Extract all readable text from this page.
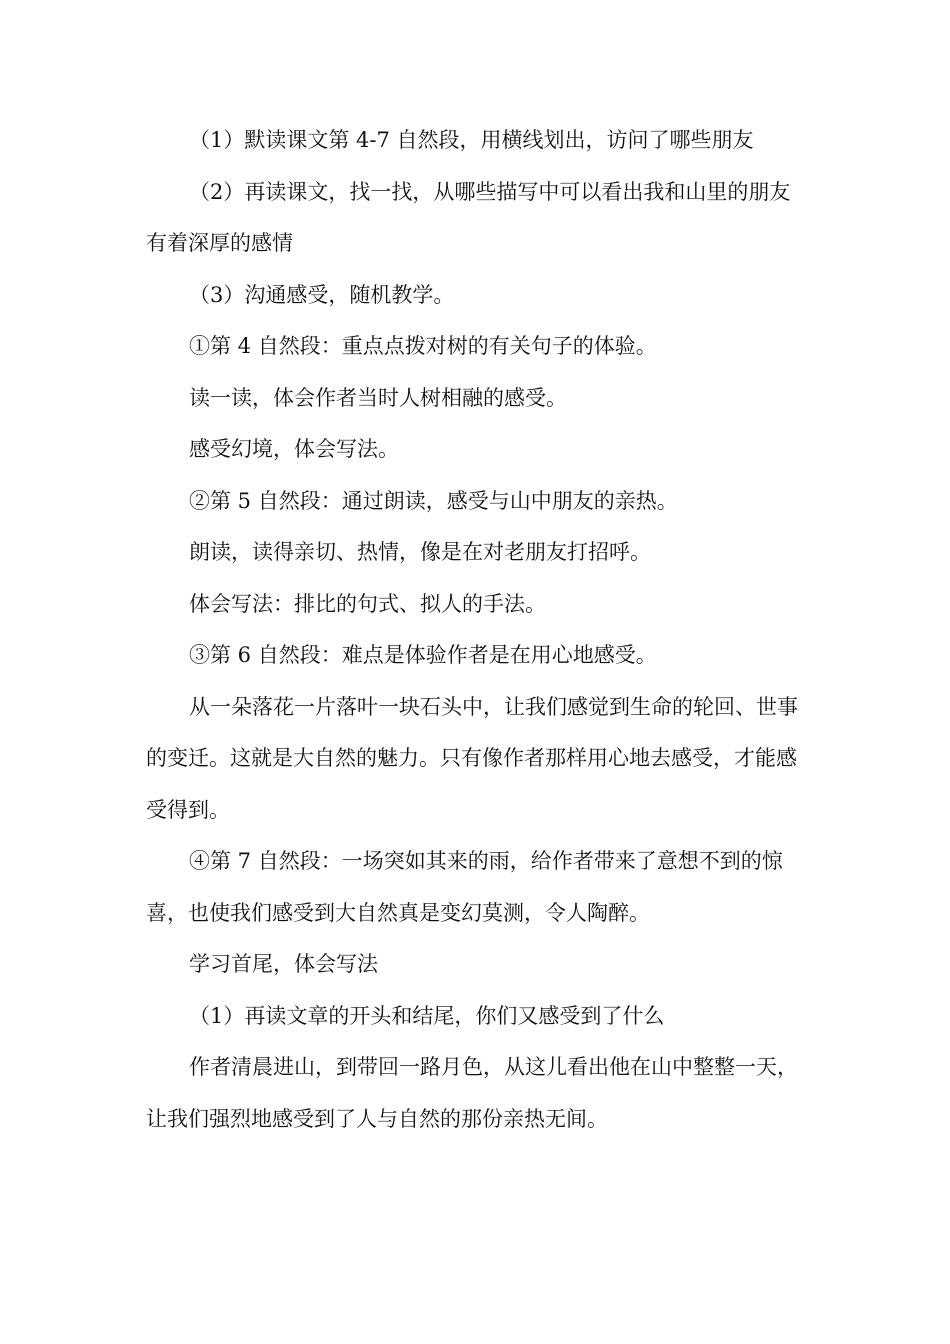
（1）默读课文第 4-7 自然段，用横线划出，访问了哪些朋友

（2）再读课文，找一找，从哪些描写中可以看出我和山里的朋友有着深厚的感情

（3）沟通感受，随机教学。

①第 4 自然段：重点点拨对树的有关句子的体验。

读一读，体会作者当时人树相融的感受。

感受幻境，体会写法。

②第 5 自然段：通过朗读，感受与山中朋友的亲热。

朗读，读得亲切、热情，像是在对老朋友打招呼。

体会写法：排比的句式、拟人的手法。

③第 6 自然段：难点是体验作者是在用心地感受。

从一朵落花一片落叶一块石头中，让我们感觉到生命的轮回、世事的变迁。这就是大自然的魅力。只有像作者那样用心地去感受，才能感受得到。

④第 7 自然段：一场突如其来的雨，给作者带来了意想不到的惊喜，也使我们感受到大自然真是变幻莫测，令人陶醉。

学习首尾，体会写法

（1）再读文章的开头和结尾，你们又感受到了什么

作者清晨进山，到带回一路月色，从这儿看出他在山中整整一天，让我们强烈地感受到了人与自然的那份亲热无间。
